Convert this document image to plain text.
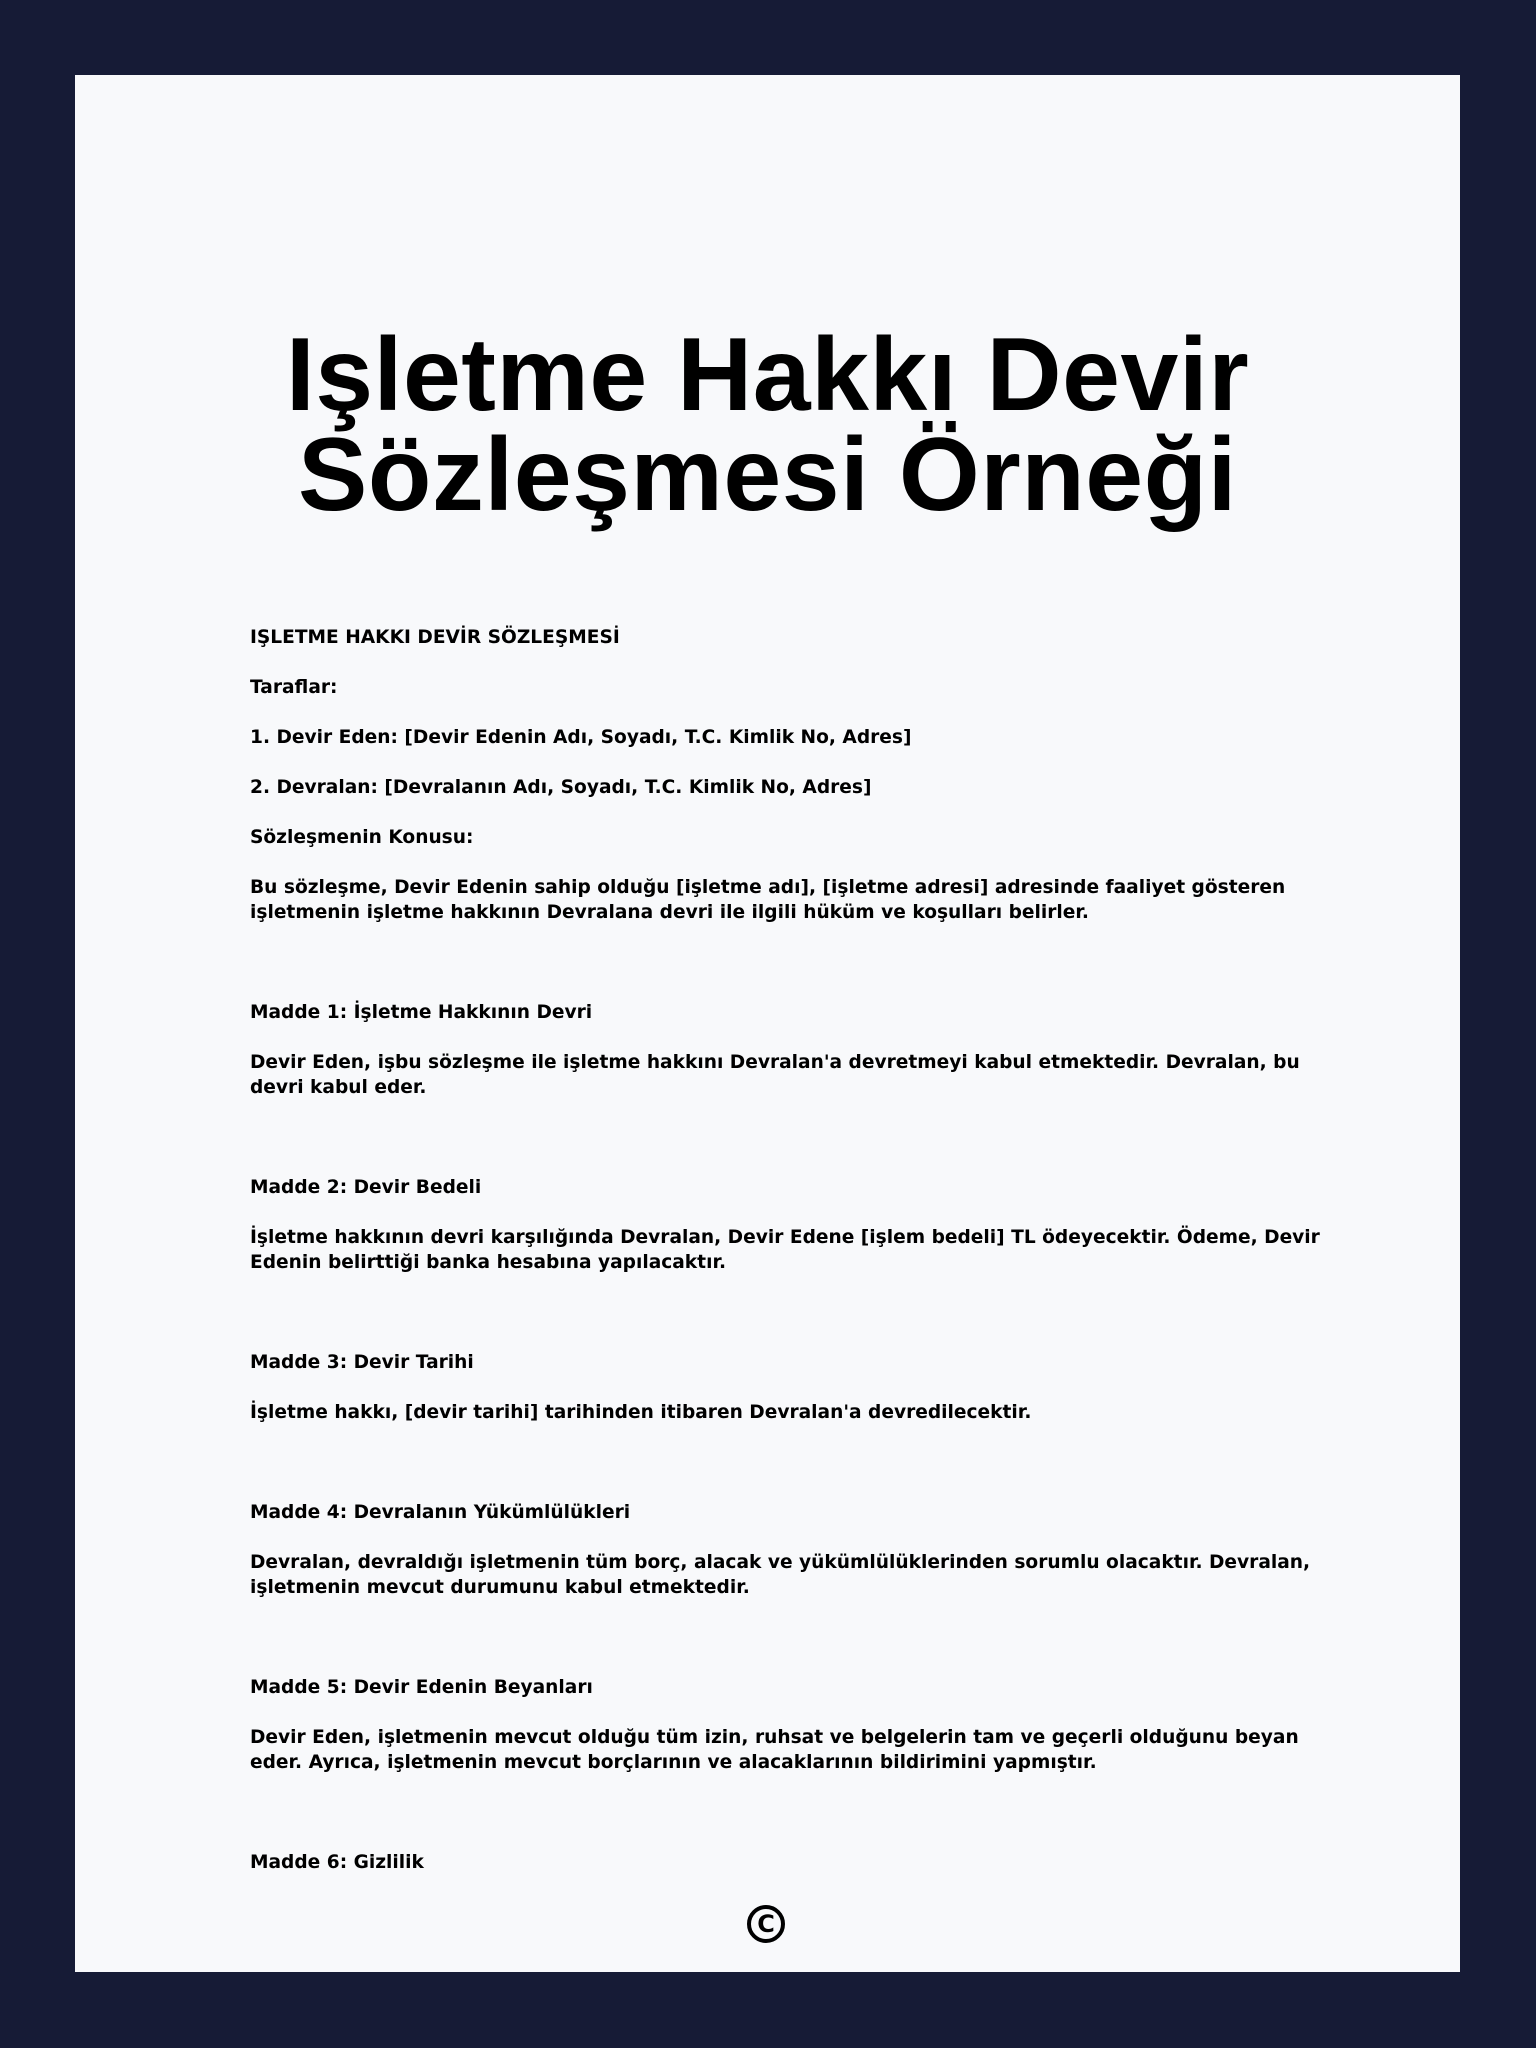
Işletme Hakkı Devir Sözleşmesi Örneği

IŞLETME HAKKI DEVİR SÖZLEŞMESİ

Taraflar:

1. Devir Eden: [Devir Edenin Adı, Soyadı, T.C. Kimlik No, Adres]

2. Devralan: [Devralanın Adı, Soyadı, T.C. Kimlik No, Adres]

Sözleşmenin Konusu:

Bu sözleşme, Devir Edenin sahip olduğu [işletme adı], [işletme adresi] adresinde faaliyet gösteren işletmenin işletme hakkının Devralana devri ile ilgili hüküm ve koşulları belirler.

Madde 1: İşletme Hakkının Devri

Devir Eden, işbu sözleşme ile işletme hakkını Devralan'a devretmeyi kabul etmektedir. Devralan, bu devri kabul eder.

Madde 2: Devir Bedeli

İşletme hakkının devri karşılığında Devralan, Devir Edene [işlem bedeli] TL ödeyecektir. Ödeme, Devir Edenin belirttiği banka hesabına yapılacaktır.

Madde 3: Devir Tarihi

İşletme hakkı, [devir tarihi] tarihinden itibaren Devralan'a devredilecektir.

Madde 4: Devralanın Yükümlülükleri

Devralan, devraldığı işletmenin tüm borç, alacak ve yükümlülüklerinden sorumlu olacaktır. Devralan, işletmenin mevcut durumunu kabul etmektedir.

Madde 5: Devir Edenin Beyanları

Devir Eden, işletmenin mevcut olduğu tüm izin, ruhsat ve belgelerin tam ve geçerli olduğunu beyan eder. Ayrıca, işletmenin mevcut borçlarının ve alacaklarının bildirimini yapmıştır.

Madde 6: Gizlilik

C
